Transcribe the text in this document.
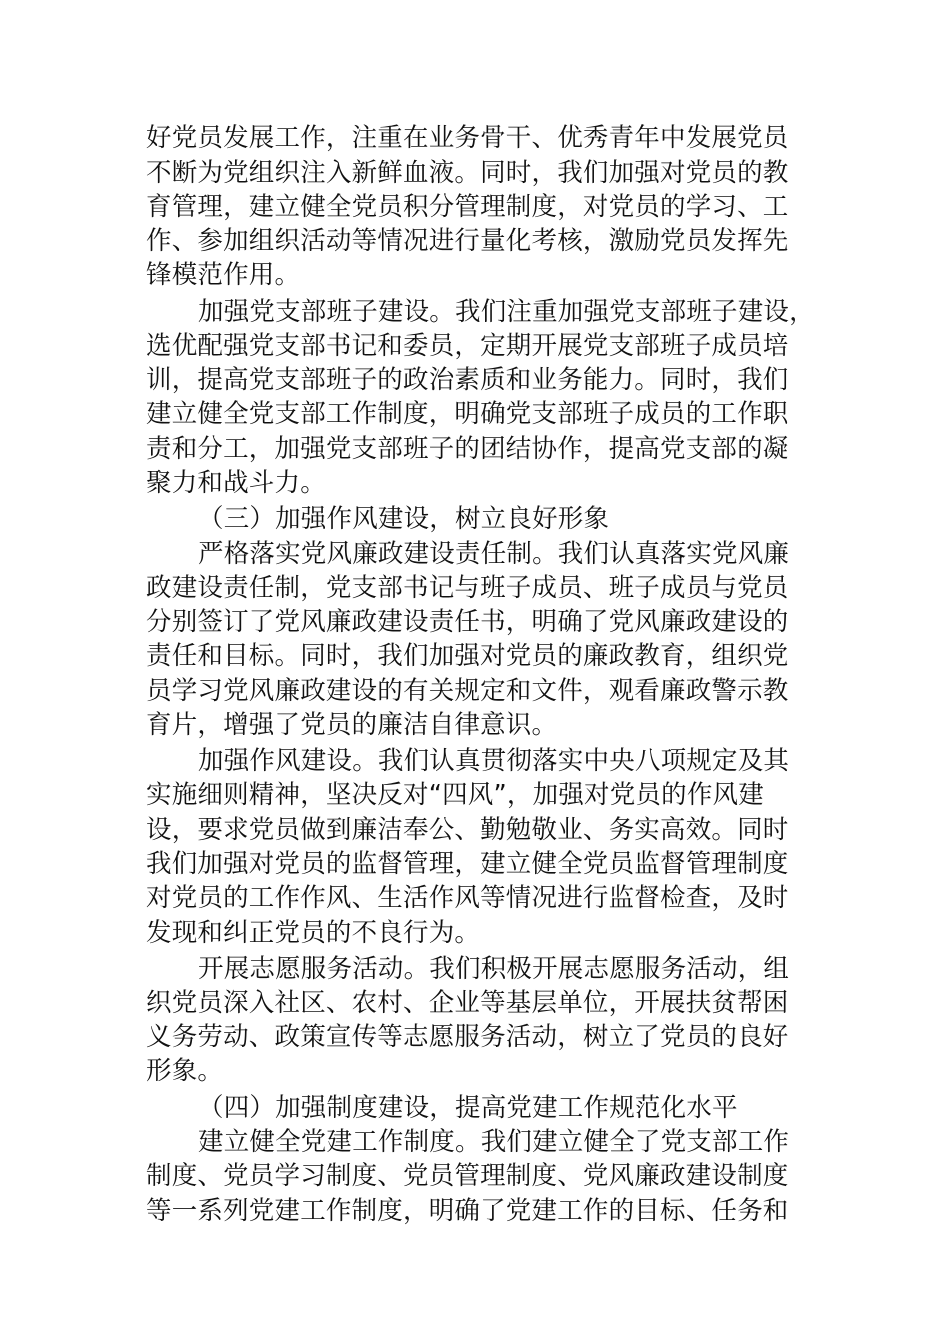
好党员发展工作，注重在业务骨干、优秀青年中发展党员
不断为党组织注入新鲜血液。同时，我们加强对党员的教
育管理，建立健全党员积分管理制度，对党员的学习、工
作、参加组织活动等情况进行量化考核，激励党员发挥先
锋模范作用。
加强党支部班子建设。我们注重加强党支部班子建设，
选优配强党支部书记和委员，定期开展党支部班子成员培
训，提高党支部班子的政治素质和业务能力。同时，我们
建立健全党支部工作制度，明确党支部班子成员的工作职
责和分工，加强党支部班子的团结协作，提高党支部的凝
聚力和战斗力。
（三）加强作风建设，树立良好形象
严格落实党风廉政建设责任制。我们认真落实党风廉
政建设责任制，党支部书记与班子成员、班子成员与党员
分别签订了党风廉政建设责任书，明确了党风廉政建设的
责任和目标。同时，我们加强对党员的廉政教育，组织党
员学习党风廉政建设的有关规定和文件，观看廉政警示教
育片，增强了党员的廉洁自律意识。
加强作风建设。我们认真贯彻落实中央八项规定及其
实施细则精神，坚决反对“四风”，加强对党员的作风建
设，要求党员做到廉洁奉公、勤勉敬业、务实高效。同时
我们加强对党员的监督管理，建立健全党员监督管理制度
对党员的工作作风、生活作风等情况进行监督检查，及时
发现和纠正党员的不良行为。
开展志愿服务活动。我们积极开展志愿服务活动，组
织党员深入社区、农村、企业等基层单位，开展扶贫帮困
义务劳动、政策宣传等志愿服务活动，树立了党员的良好
形象。
（四）加强制度建设，提高党建工作规范化水平
建立健全党建工作制度。我们建立健全了党支部工作
制度、党员学习制度、党员管理制度、党风廉政建设制度
等一系列党建工作制度，明确了党建工作的目标、任务和
